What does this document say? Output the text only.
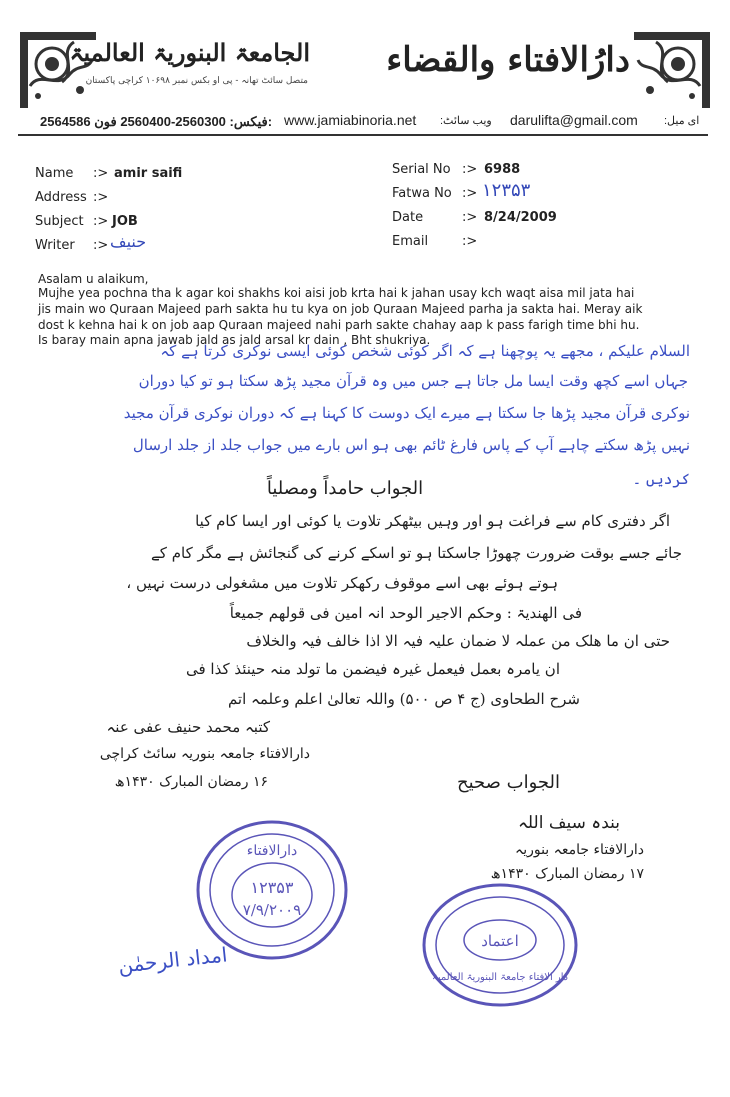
الجامعۃ البنوریۃ العالمیۃ
متصل سائٹ تھانہ - پی او بکس نمبر ۱۰۶۹۸ کراچی پاکستان
دارُالافتاء والقضاء
2564586 فیکس: 2560300-2560400 فون: www.jamiabinoria.net ویب سائٹ: darulifta@gmail.com ای میل:
Name :> amir saifi
Address :>
Subject :> JOB
Writer :> حنیف
Serial No :> 6988
Fatwa No :> ۱۲۳۵۳
Date	:> 8/24/2009
Email	:>
Asalam u alaikum,
Mujhe yea pochna tha k agar koi shakhs koi aisi job krta hai k jahan usay kch waqt aisa mil jata hai
jis main wo Quraan Majeed parh sakta hu tu kya on job Quraan Majeed parha ja sakta hai. Meray aik
dost k kehna hai k on job aap Quraan majeed nahi parh sakte chahay aap k pass farigh time bhi hu.
Is baray main apna jawab jald as jald arsal kr dain , Bht shukriya.
السلام علیکم ، مجھے یہ پوچھنا ہے کہ اگر کوئی شخص کوئی ایسی نوکری کرتا ہے کہ
جہاں اسے کچھ وقت ایسا مل جاتا ہے جس میں وہ قرآن مجید پڑھ سکتا ہو تو کیا دوران
نوکری قرآن مجید پڑھا جا سکتا ہے میرے ایک دوست کا کہنا ہے کہ دوران نوکری قرآن مجید
نہیں پڑھ سکتے چاہے آپ کے پاس فارغ ٹائم بھی ہو اس بارے میں جواب جلد از جلد ارسال
کردیں ۔
الجواب حامداً ومصلیاً
اگر دفتری کام سے فراغت ہو اور وہیں بیٹھکر تلاوت یا کوئی اور ایسا کام کیا
جائے جسے بوقت ضرورت چھوڑا جاسکتا ہو تو اسکے کرنے کی گنجائش ہے مگر کام کے
ہوتے ہوئے بھی اسے موقوف رکھکر تلاوت میں مشغولی درست نہیں ،
فی الھندیۃ : وحکم الاجیر الوحد انہ امین فی قولھم جمیعاً
حتی ان ما ھلک من عملہ لا ضمان علیہ فیہ الا اذا خالف فیہ والخلاف
ان یامرہ بعمل فیعمل غیرہ فیضمن ما تولد منہ حینئذ کذا فی
شرح الطحاوی (ج ۴ ص ۵۰۰) واللہ تعالیٰ اعلم وعلمہ اتم
کتبہ محمد حنیف عفی عنہ
دارالافتاء جامعہ بنوریہ سائٹ کراچی
۱۶ رمضان المبارک ۱۴۳۰ھ	الجواب صحیح
بندہ سیف اللہ
دارالافتاء جامعہ بنوریہ
۱۷ رمضان المبارک ۱۴۳۰ھ
دارالافتاء
۱۲۳۵۳
۷/۹/۲۰۰۹
اعتماد
دار الافتاء جامعۃ البنوریۃ العالمیۃ
امداد الرحمٰن
